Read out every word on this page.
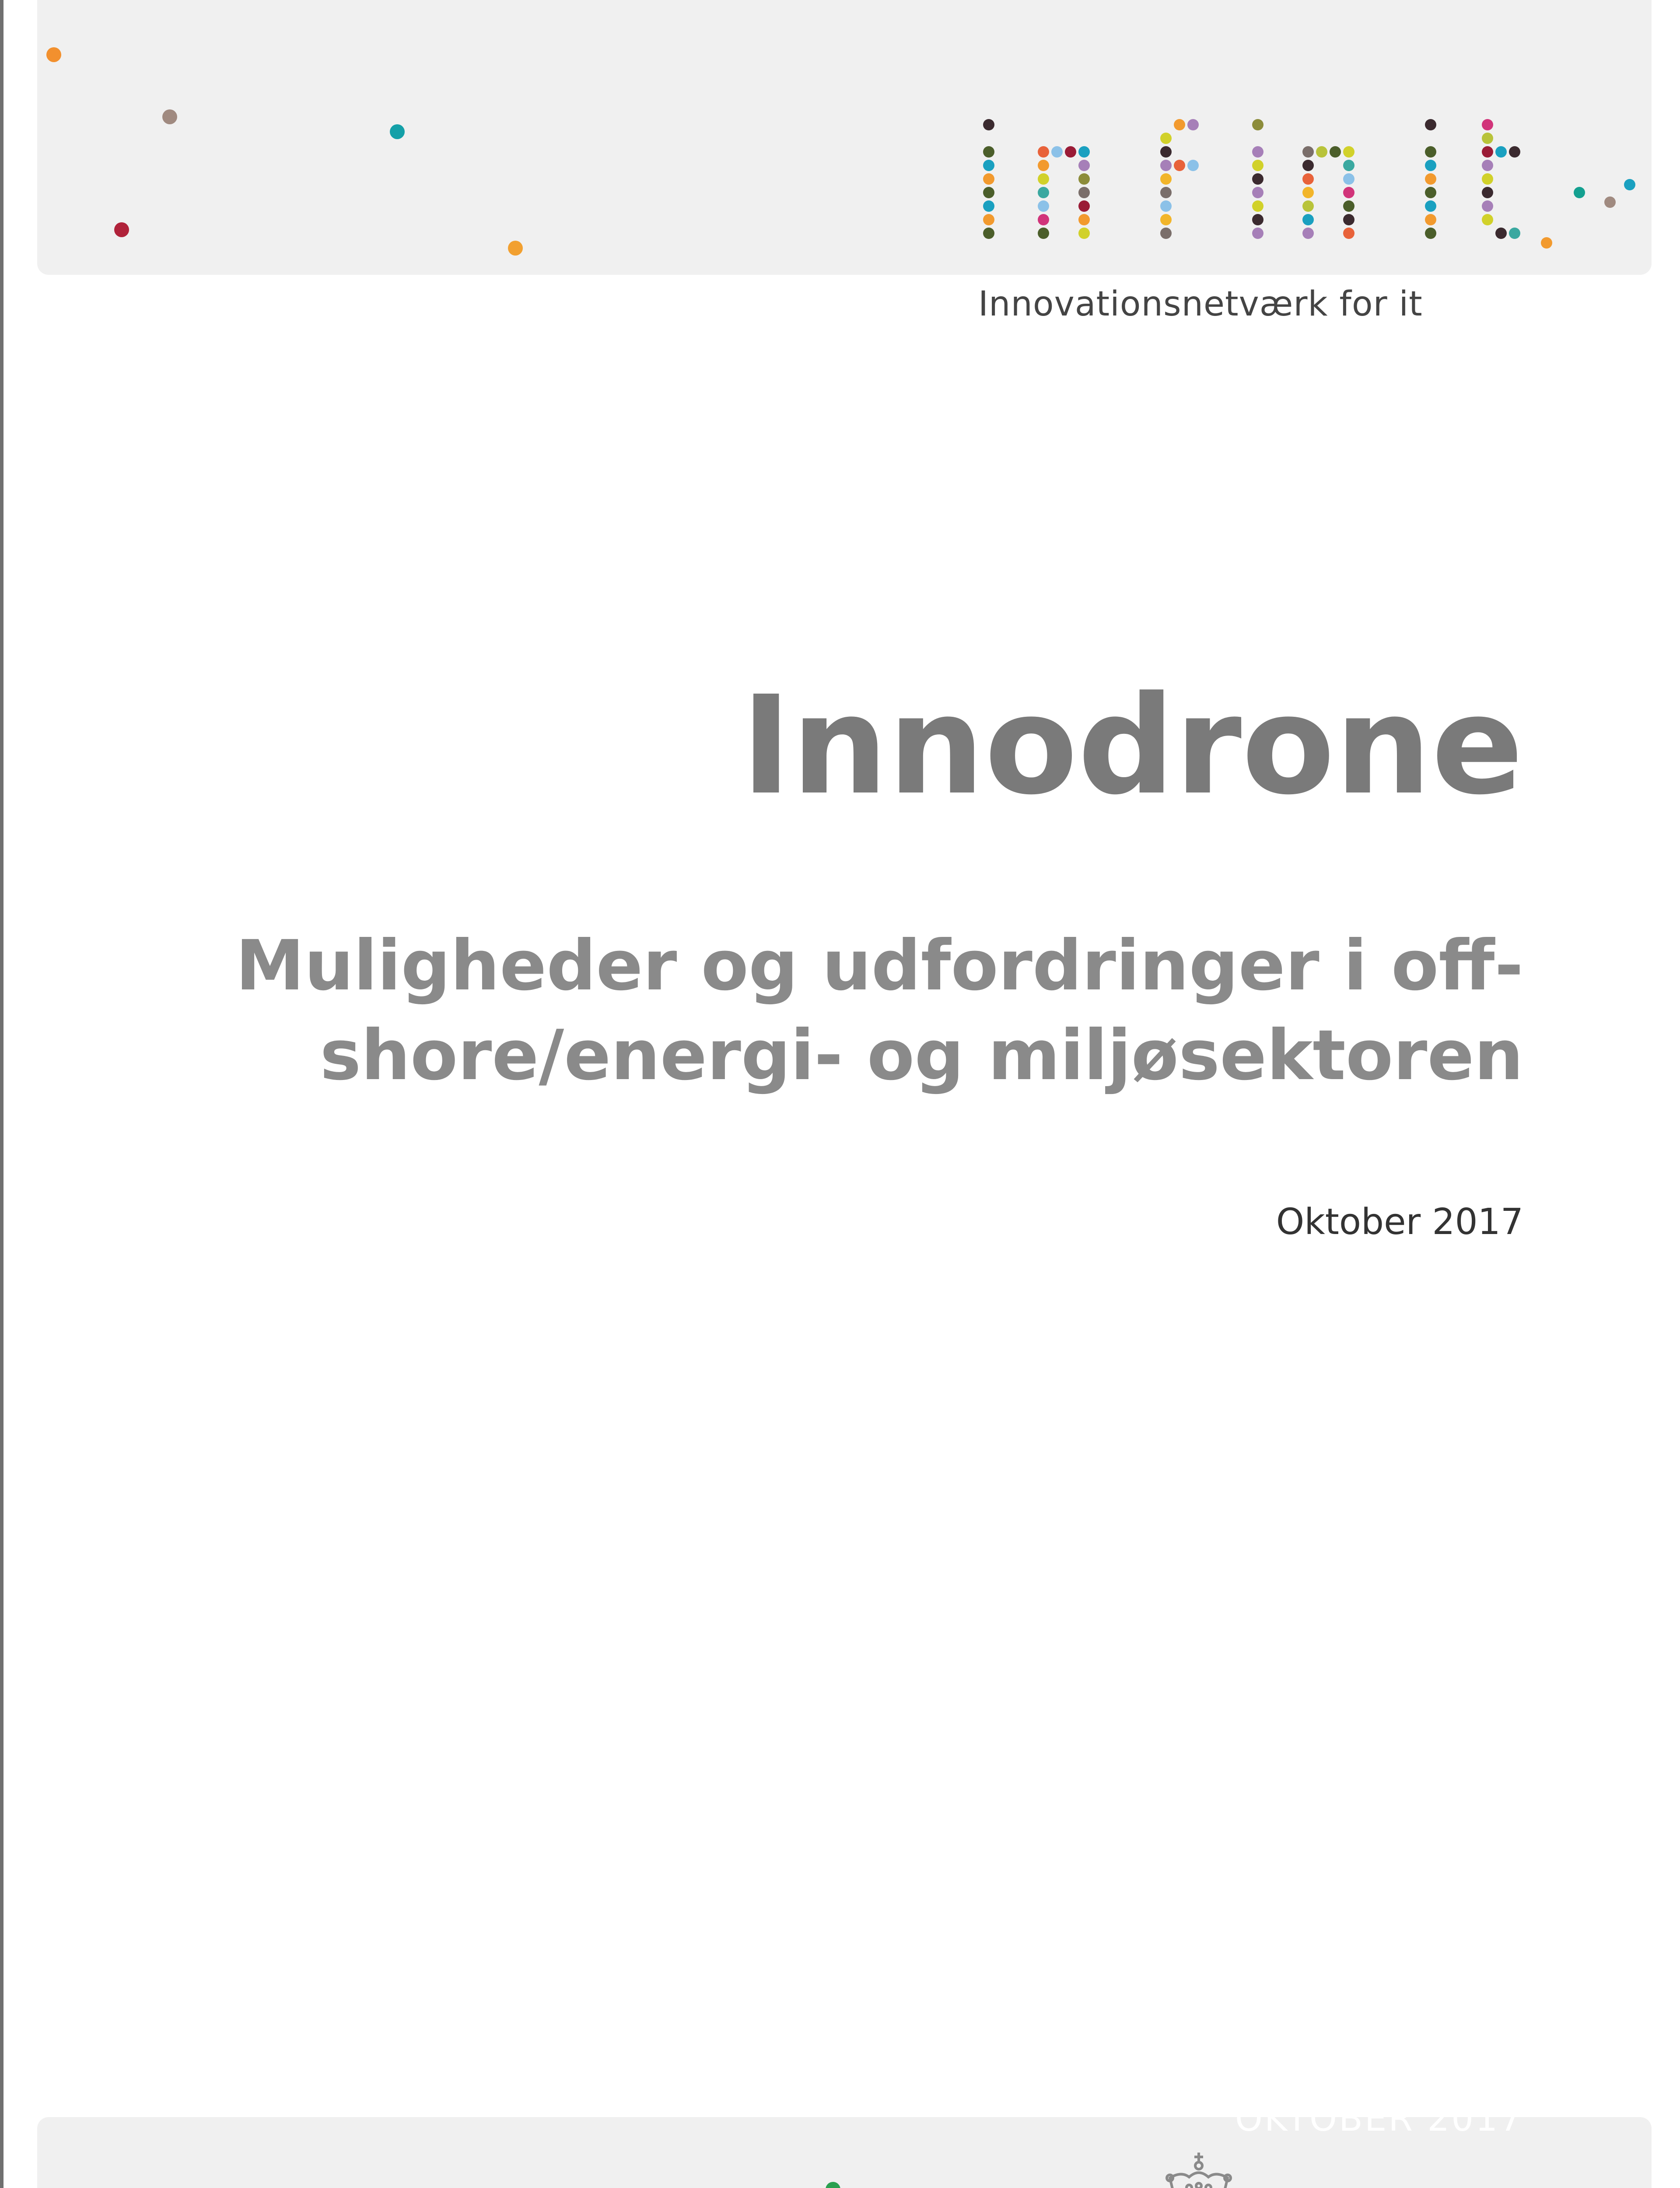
Innovationsnetværk for it
Innodrone
Muligheder og udfordringer i off-
shore/energi- og miljøsektoren
Oktober 2017
OKTOBER 2017
